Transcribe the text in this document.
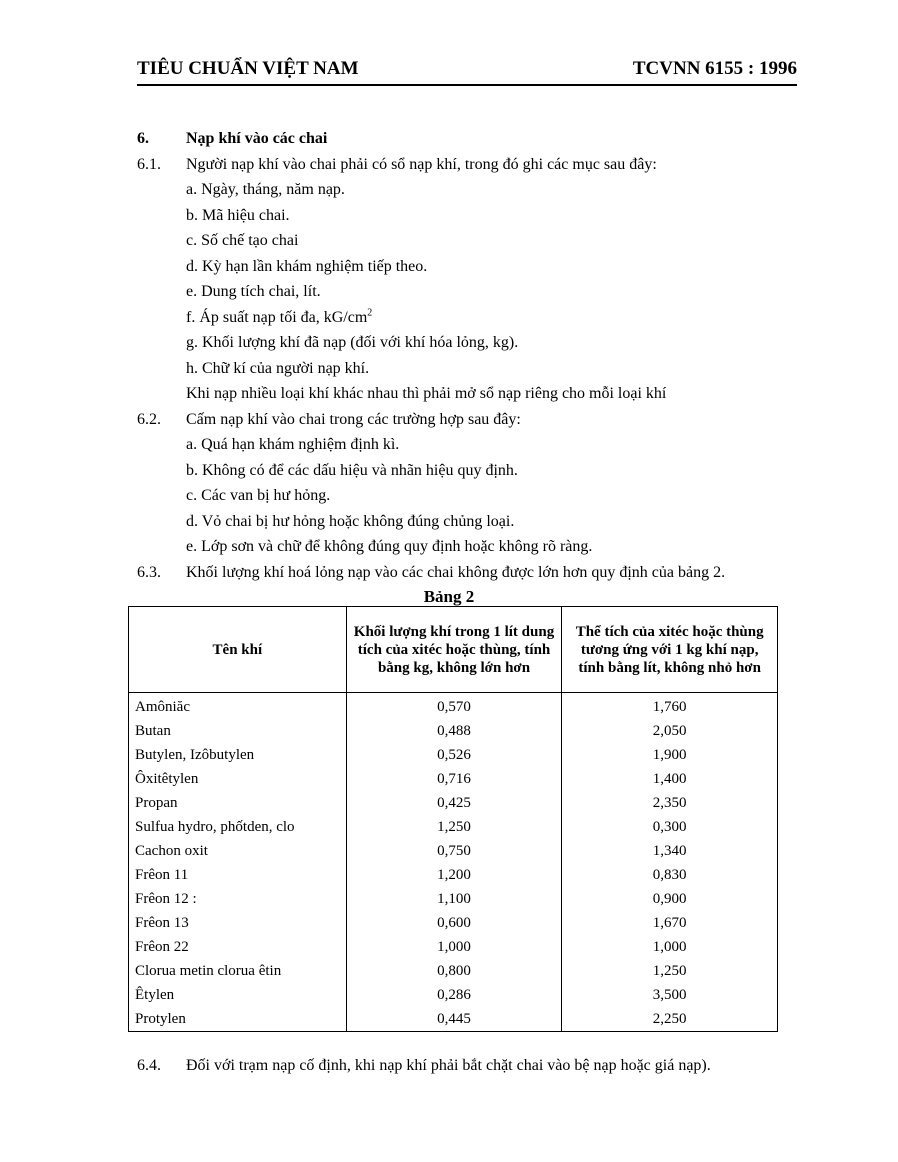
TIÊU CHUẨN VIỆT NAM	TCVNN 6155 : 1996
6.	Nạp khí vào các chai
6.1.	Người nạp khí vào chai phải có sổ nạp khí, trong đó ghi các mục sau đây:
a. Ngày, tháng, năm nạp.
b. Mã hiệu chai.
c. Số chế tạo chai
d. Kỳ hạn lần khám nghiệm tiếp theo.
e. Dung tích chai, lít.
f. Áp suất nạp tối đa, $kG/cm^2$
g. Khối lượng khí đã nạp (đối với khí hóa lỏng, kg).
h. Chữ kí của người nạp khí.
Khi nạp nhiều loại khí khác nhau thì phải mở sổ nạp riêng cho mỗi loại khí
6.2.	Cấm nạp khí vào chai trong các trường hợp sau đây:
a. Quá hạn khám nghiệm định kì.
b. Không có để các dấu hiệu và nhãn hiệu quy định.
c. Các van bị hư hỏng.
d. Vỏ chai bị hư hỏng hoặc không đúng chủng loại.
e. Lớp sơn và chữ để không đúng quy định hoặc không rõ ràng.
6.3.	Khối lượng khí hoá lỏng nạp vào các chai không được lớn hơn quy định của bảng 2.
Bảng 2
Tên khí	Khối lượng khí trong 1 lít dung tích của xitéc hoặc thùng, tính bằng kg, không lớn hơn	Thể tích của xitéc hoặc thùng tương ứng với 1 kg khí nạp, tính bằng lít, không nhỏ hơn
Amôniăc	0,570	1,760
Butan	0,488	2,050
Butylen, Izôbutylen	0,526	1,900
Ôxitêtylen	0,716	1,400
Propan	0,425	2,350
Sulfua hydro, phốtden, clo	1,250	0,300
Cachon oxit	0,750	1,340
Frêon 11	1,200	0,830
Frêon 12 :	1,100	0,900
Frêon 13	0,600	1,670
Frêon 22	1,000	1,000
Clorua metin clorua êtin	0,800	1,250
Êtylen	0,286	3,500
Protylen	0,445	2,250
6.4.	Đối với trạm nạp cố định, khi nạp khí phải bắt chặt chai vào bệ nạp hoặc giá nạp).
